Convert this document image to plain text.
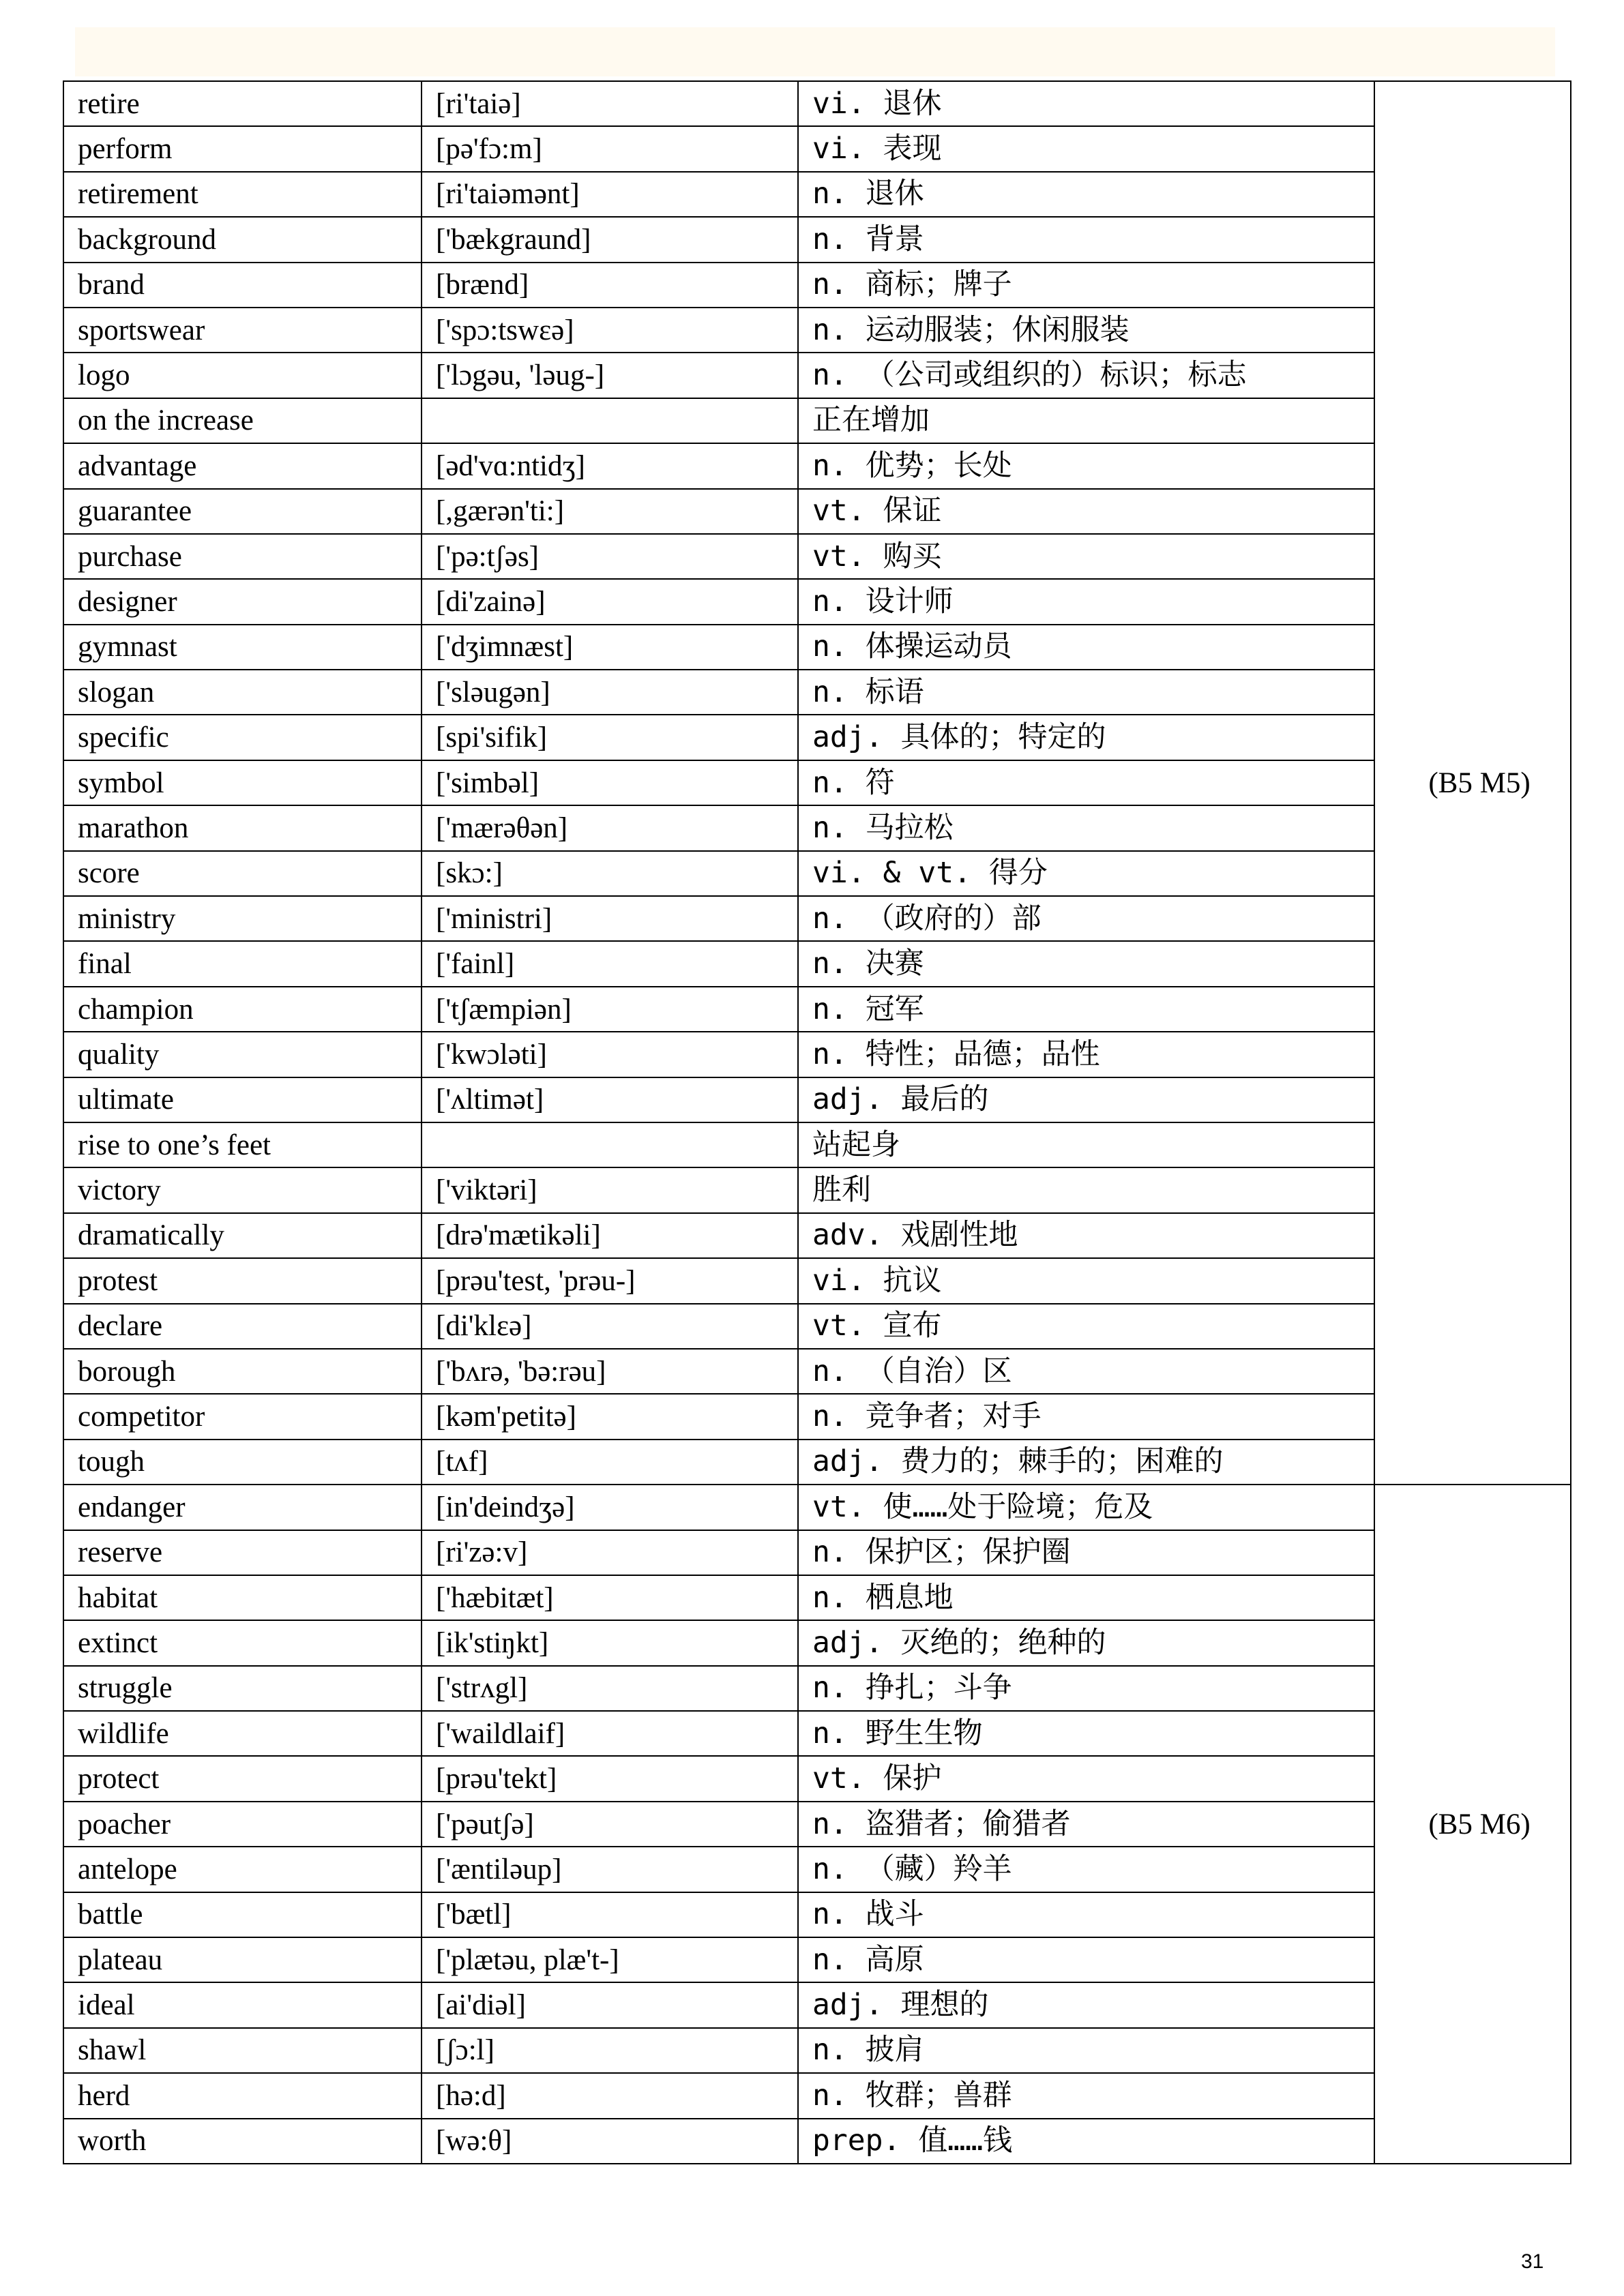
retire	[ri'taiə]	vi. 退休	(B5 M5)
perform	[pə'fɔ:m]	vi. 表现	
retirement	[ri'taiəmənt]	n. 退休	
background	['bækgraund]	n. 背景	
brand	[brænd]	n. 商标；牌子	
sportswear	['spɔ:tswεə]	n. 运动服装；休闲服装	
logo	['lɔgəu, 'ləug-]	n. （公司或组织的）标识；标志	
on the increase		正在增加	
advantage	[əd'vɑ:ntidʒ]	n. 优势；长处	
guarantee	[,gærən'ti:]	vt. 保证	
purchase	['pə:tʃəs]	vt. 购买	
designer	[di'zainə]	n. 设计师	
gymnast	['dʒimnæst]	n. 体操运动员	
slogan	['sləugən]	n. 标语	
specific	[spi'sifik]	adj. 具体的；特定的	
symbol	['simbəl]	n. 符	
marathon	['mærəθən]	n. 马拉松	
score	[skɔ:]	vi. & vt. 得分	
ministry	['ministri]	n. （政府的）部	
final	['fainl]	n. 决赛	
champion	['tʃæmpiən]	n. 冠军	
quality	['kwɔləti]	n. 特性；品德；品性	
ultimate	['ʌltimət]	adj. 最后的	
rise to one’s feet		站起身	
victory	['viktəri]	胜利	
dramatically	[drə'mætikəli]	adv. 戏剧性地	
protest	[prəu'test, 'prəu-]	vi. 抗议	
declare	[di'klεə]	vt. 宣布	
borough	['bʌrə, 'bə:rəu]	n. （自治）区	
competitor	[kəm'petitə]	n. 竞争者；对手	
tough	[tʌf]	adj. 费力的；棘手的；困难的	
endanger	[in'deindʒə]	vt. 使……处于险境；危及	(B5 M6)
reserve	[ri'zə:v]	n. 保护区；保护圈	
habitat	['hæbitæt]	n. 栖息地	
extinct	[ik'stiŋkt]	adj. 灭绝的；绝种的	
struggle	['strʌgl]	n. 挣扎；斗争	
wildlife	['waildlaif]	n. 野生生物	
protect	[prəu'tekt]	vt. 保护	
poacher	['pəutʃə]	n. 盗猎者；偷猎者	
antelope	['æntiləup]	n. （藏）羚羊	
battle	['bætl]	n. 战斗	
plateau	['plætəu, plæ't-]	n. 高原	
ideal	[ai'diəl]	adj. 理想的	
shawl	[ʃɔ:l]	n. 披肩	
herd	[hə:d]	n. 牧群；兽群	
worth	[wə:θ]	prep. 值……钱	
31
